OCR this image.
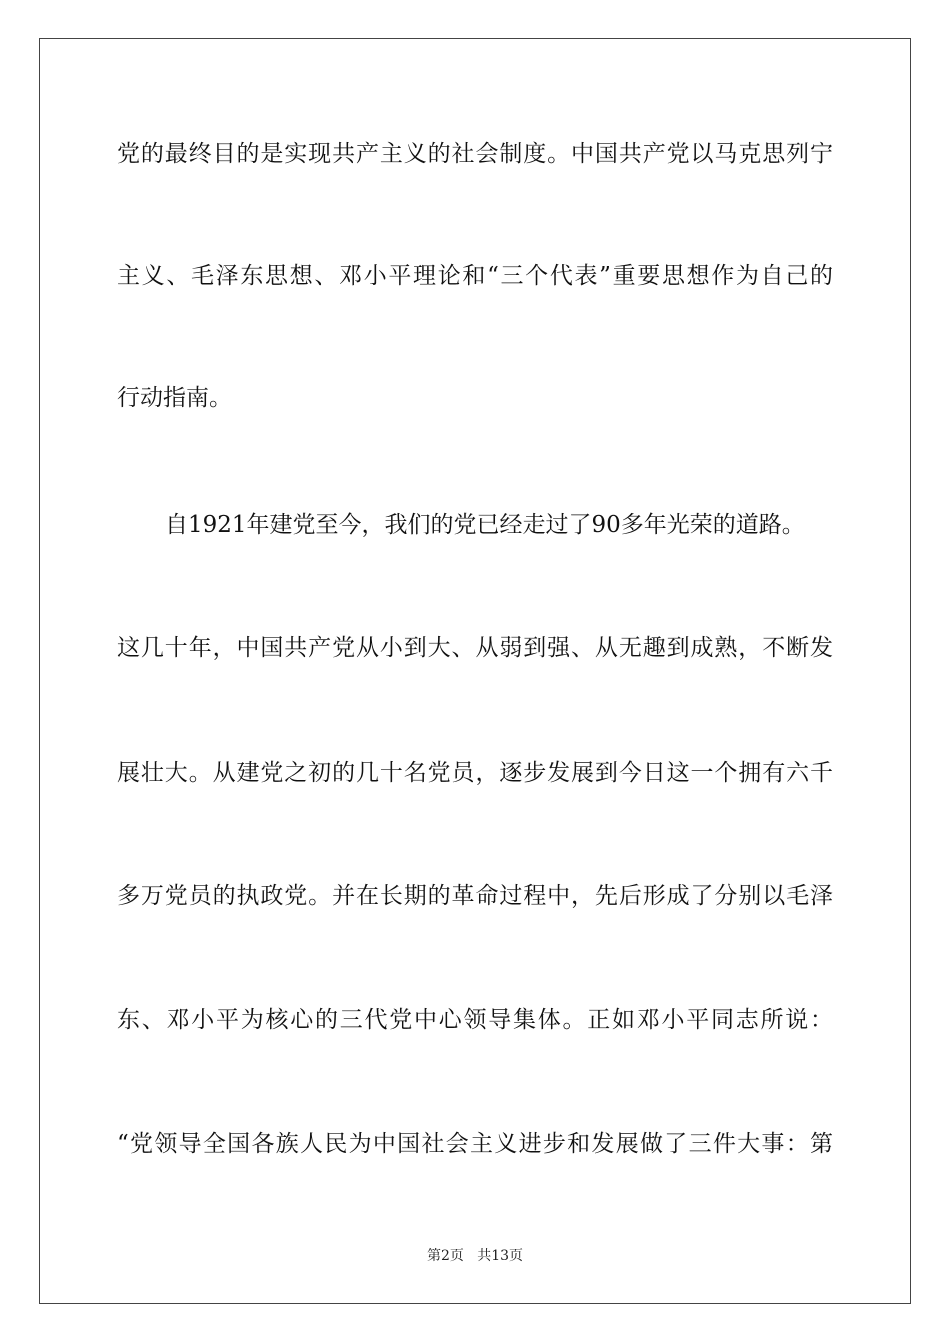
党的最终目的是实现共产主义的社会制度。中国共产党以马克思列宁
主义、毛泽东思想、邓小平理论和“三个代表”重要思想作为自己的
行动指南。
自1921年建党至今，我们的党已经走过了90多年光荣的道路。
这几十年，中国共产党从小到大、从弱到强、从无趣到成熟，不断发
展壮大。从建党之初的几十名党员，逐步发展到今日这一个拥有六千
多万党员的执政党。并在长期的革命过程中，先后形成了分别以毛泽
东、邓小平为核心的三代党中心领导集体。正如邓小平同志所说：
“党领导全国各族人民为中国社会主义进步和发展做了三件大事：第
第2页 共13页
